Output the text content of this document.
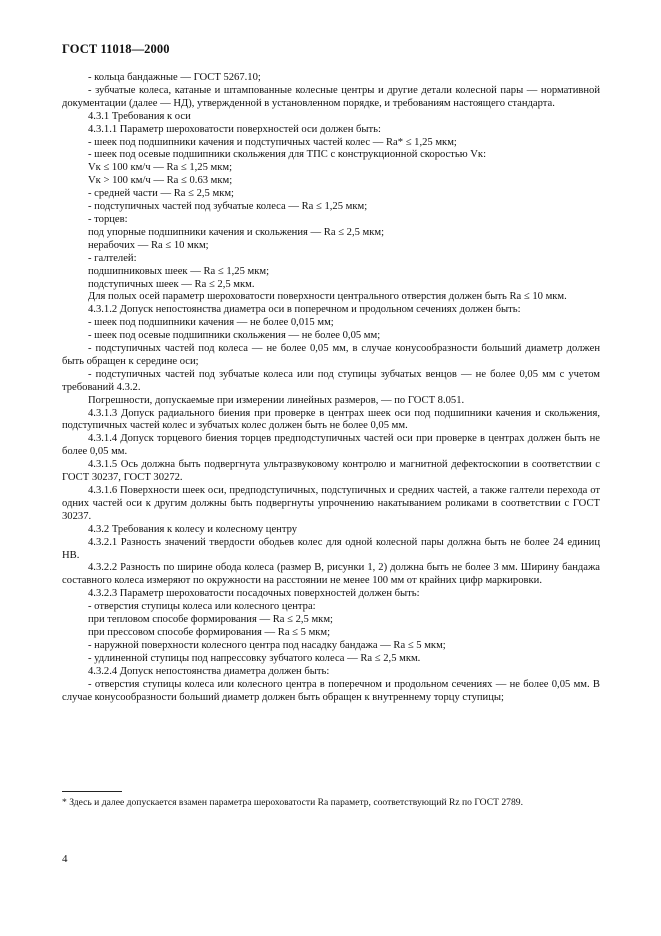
ГОСТ 11018—2000

- кольца бандажные — ГОСТ 5267.10;

- зубчатые колеса, катаные и штампованные колесные центры и другие детали колесной пары — нормативной документации (далее — НД), утвержденной в установленном порядке, и требованиям настоящего стандарта.

4.3.1 Требования к оси

4.3.1.1 Параметр шероховатости поверхностей оси должен быть:

- шеек под подшипники качения и подступичных частей колес — Ra* ≤ 1,25 мкм;

- шеек под осевые подшипники скольжения для ТПС с конструкционной скоростью Vк:

Vк ≤ 100 км/ч — Ra ≤ 1,25 мкм;

Vк > 100 км/ч — Ra ≤ 0.63 мкм;

- средней части — Ra ≤ 2,5 мкм;

- подступичных частей под зубчатые колеса — Ra ≤ 1,25 мкм;

- торцев:

под упорные подшипники качения и скольжения — Ra ≤ 2,5 мкм;

нерабочих — Ra ≤ 10 мкм;

- галтелей:

подшипниковых шеек — Ra ≤ 1,25 мкм;

подступичных шеек — Ra ≤ 2,5 мкм.

Для полых осей параметр шероховатости поверхности центрального отверстия должен быть Ra ≤ 10 мкм.

4.3.1.2 Допуск непостоянства диаметра оси в поперечном и продольном сечениях должен быть:

- шеек под подшипники качения — не более 0,015 мм;

- шеек под осевые подшипники скольжения — не более 0,05 мм;

- подступичных частей под колеса — не более 0,05 мм, в случае конусообразности больший диаметр должен быть обращен к середине оси;

- подступичных частей под зубчатые колеса или под ступицы зубчатых венцов — не более 0,05 мм с учетом требований 4.3.2.

Погрешности, допускаемые при измерении линейных размеров, — по ГОСТ 8.051.

4.3.1.3 Допуск радиального биения при проверке в центрах шеек оси под подшипники качения и скольжения, подступичных частей колес и зубчатых колес должен быть не более 0,05 мм.

4.3.1.4 Допуск торцевого биения торцев предподступичных частей оси при проверке в центрах должен быть не более 0,05 мм.

4.3.1.5 Ось должна быть подвергнута ультразвуковому контролю и магнитной дефектоскопии в соответствии с ГОСТ 30237, ГОСТ 30272.

4.3.1.6 Поверхности шеек оси, предподступичных, подступичных и средних частей, а также галтели перехода от одних частей оси к другим должны быть подвергнуты упрочнению накатыванием роликами в соответствии с ГОСТ 30237.

4.3.2 Требования к колесу и колесному центру

4.3.2.1 Разность значений твердости ободьев колес для одной колесной пары должна быть не более 24 единиц НВ.

4.3.2.2 Разность по ширине обода колеса (размер В, рисунки 1, 2) должна быть не более 3 мм. Ширину бандажа составного колеса измеряют по окружности на расстоянии не менее 100 мм от крайних цифр маркировки.

4.3.2.3 Параметр шероховатости посадочных поверхностей должен быть:

- отверстия ступицы колеса или колесного центра:

при тепловом способе формирования — Ra ≤ 2,5 мкм;

при прессовом способе формирования — Ra ≤ 5 мкм;

- наружной поверхности колесного центра под насадку бандажа — Ra ≤ 5 мкм;

- удлиненной ступицы под напрессовку зубчатого колеса — Ra ≤ 2,5 мкм.

4.3.2.4 Допуск непостоянства диаметра должен быть:

- отверстия ступицы колеса или колесного центра в поперечном и продольном сечениях — не более 0,05 мм. В случае конусообразности больший диаметр должен быть обращен к внутреннему торцу ступицы;

* Здесь и далее допускается взамен параметра шероховатости Ra параметр, соответствующий Rz по ГОСТ 2789.

4
